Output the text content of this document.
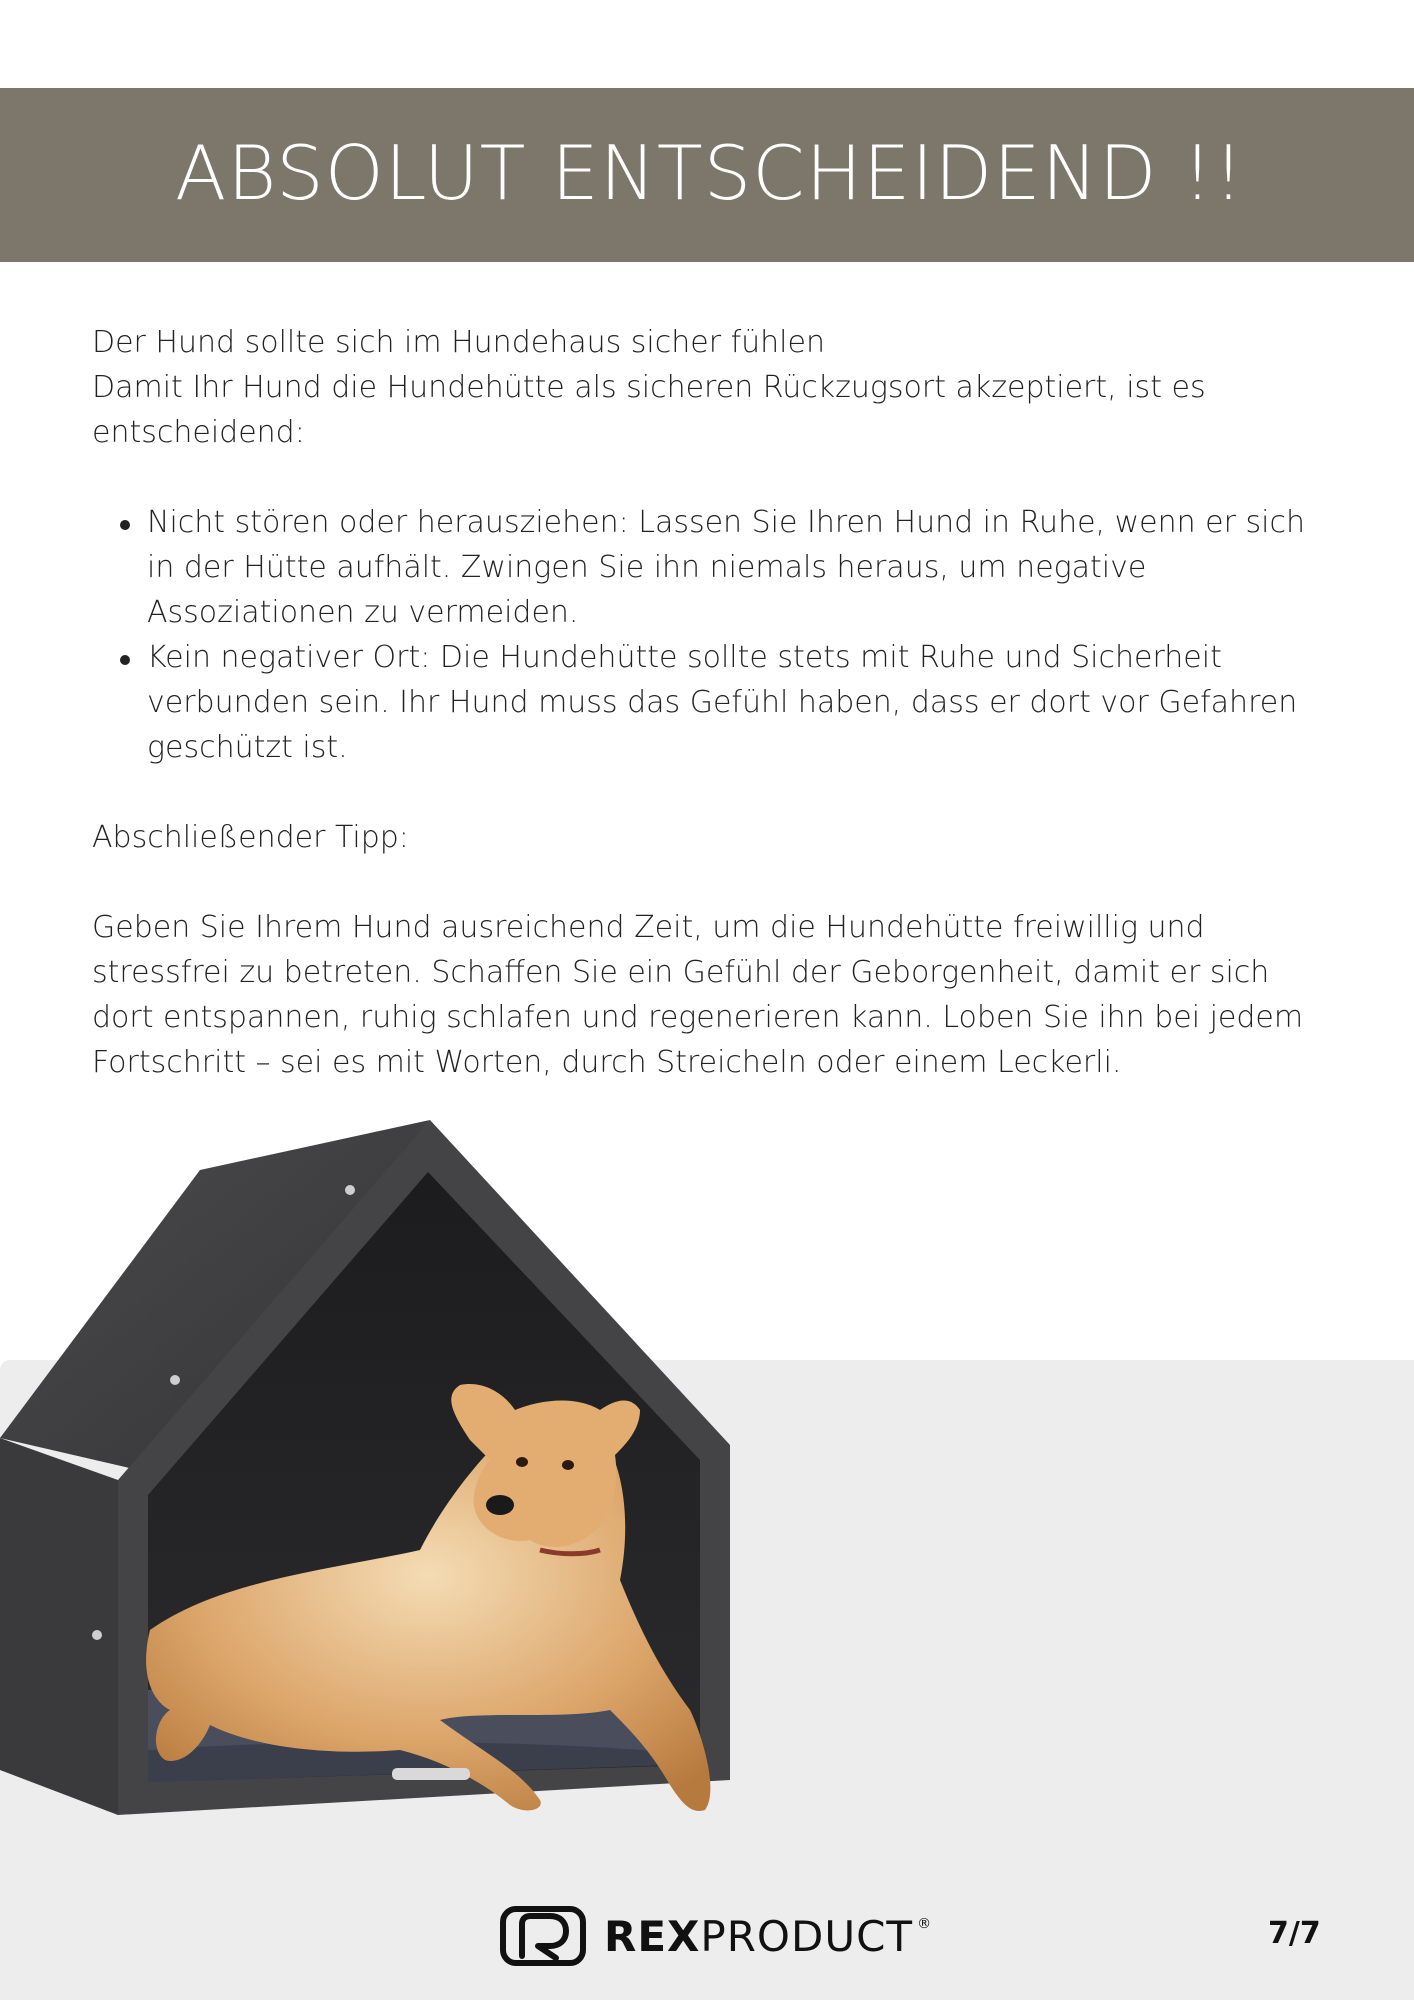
ABSOLUT ENTSCHEIDEND !!

Der Hund sollte sich im Hundehaus sicher fühlen

Damit Ihr Hund die Hundehütte als sicheren Rückzugsort akzeptiert, ist es entscheidend:

Nicht stören oder herausziehen: Lassen Sie Ihren Hund in Ruhe, wenn er sich in der Hütte aufhält. Zwingen Sie ihn niemals heraus, um negative Assoziationen zu vermeiden.
Kein negativer Ort: Die Hundehütte sollte stets mit Ruhe und Sicherheit verbunden sein. Ihr Hund muss das Gefühl haben, dass er dort vor Gefahren geschützt ist.

Abschließender Tipp:

Geben Sie Ihrem Hund ausreichend Zeit, um die Hundehütte freiwillig und stressfrei zu betreten. Schaffen Sie ein Gefühl der Geborgenheit, damit er sich dort entspannen, ruhig schlafen und regenerieren kann. Loben Sie ihn bei jedem Fortschritt – sei es mit Worten, durch Streicheln oder einem Leckerli.

REXPRODUCT ®	7/7
